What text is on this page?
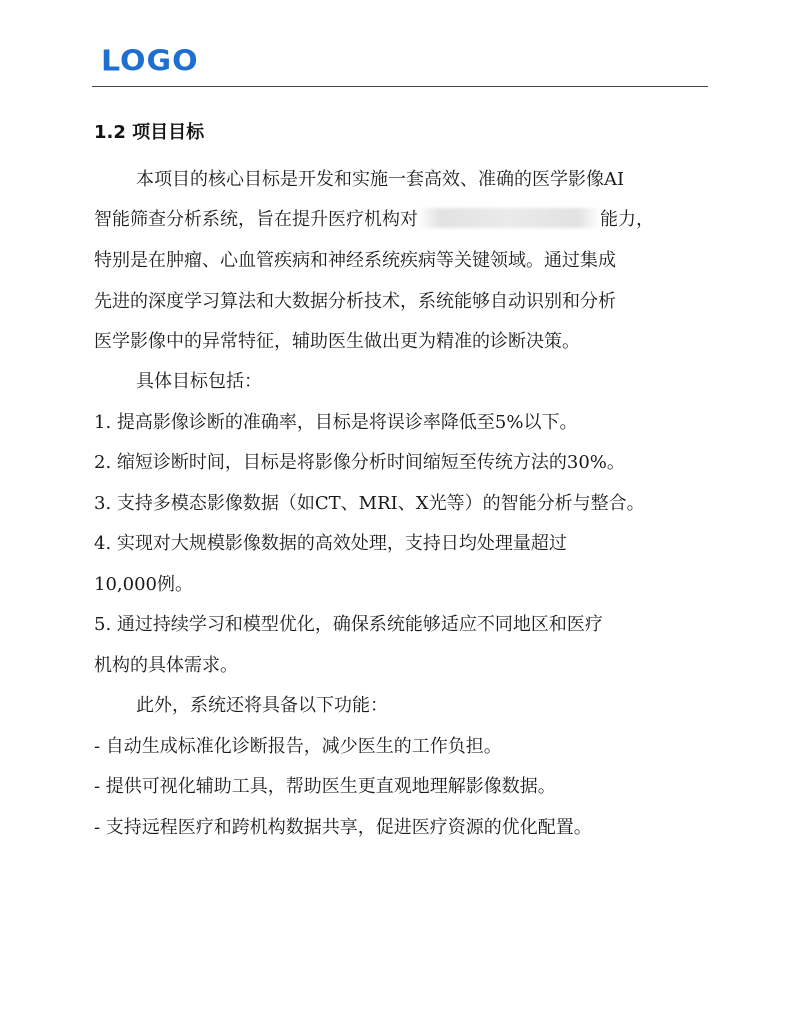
LOGO
1.2 项目目标
本项目的核心目标是开发和实施一套高效、准确的医学影像AI
智能筛查分析系统，旨在提升医疗机构对	能力，
特别是在肿瘤、心血管疾病和神经系统疾病等关键领域。通过集成
先进的深度学习算法和大数据分析技术，系统能够自动识别和分析
医学影像中的异常特征，辅助医生做出更为精准的诊断决策。
具体目标包括：
1. 提高影像诊断的准确率，目标是将误诊率降低至5%以下。
2. 缩短诊断时间，目标是将影像分析时间缩短至传统方法的30%。
3. 支持多模态影像数据（如CT、MRI、X光等）的智能分析与整合。
4. 实现对大规模影像数据的高效处理，支持日均处理量超过
10,000例。
5. 通过持续学习和模型优化，确保系统能够适应不同地区和医疗
机构的具体需求。
此外，系统还将具备以下功能：
- 自动生成标准化诊断报告，减少医生的工作负担。
- 提供可视化辅助工具，帮助医生更直观地理解影像数据。
- 支持远程医疗和跨机构数据共享，促进医疗资源的优化配置。
